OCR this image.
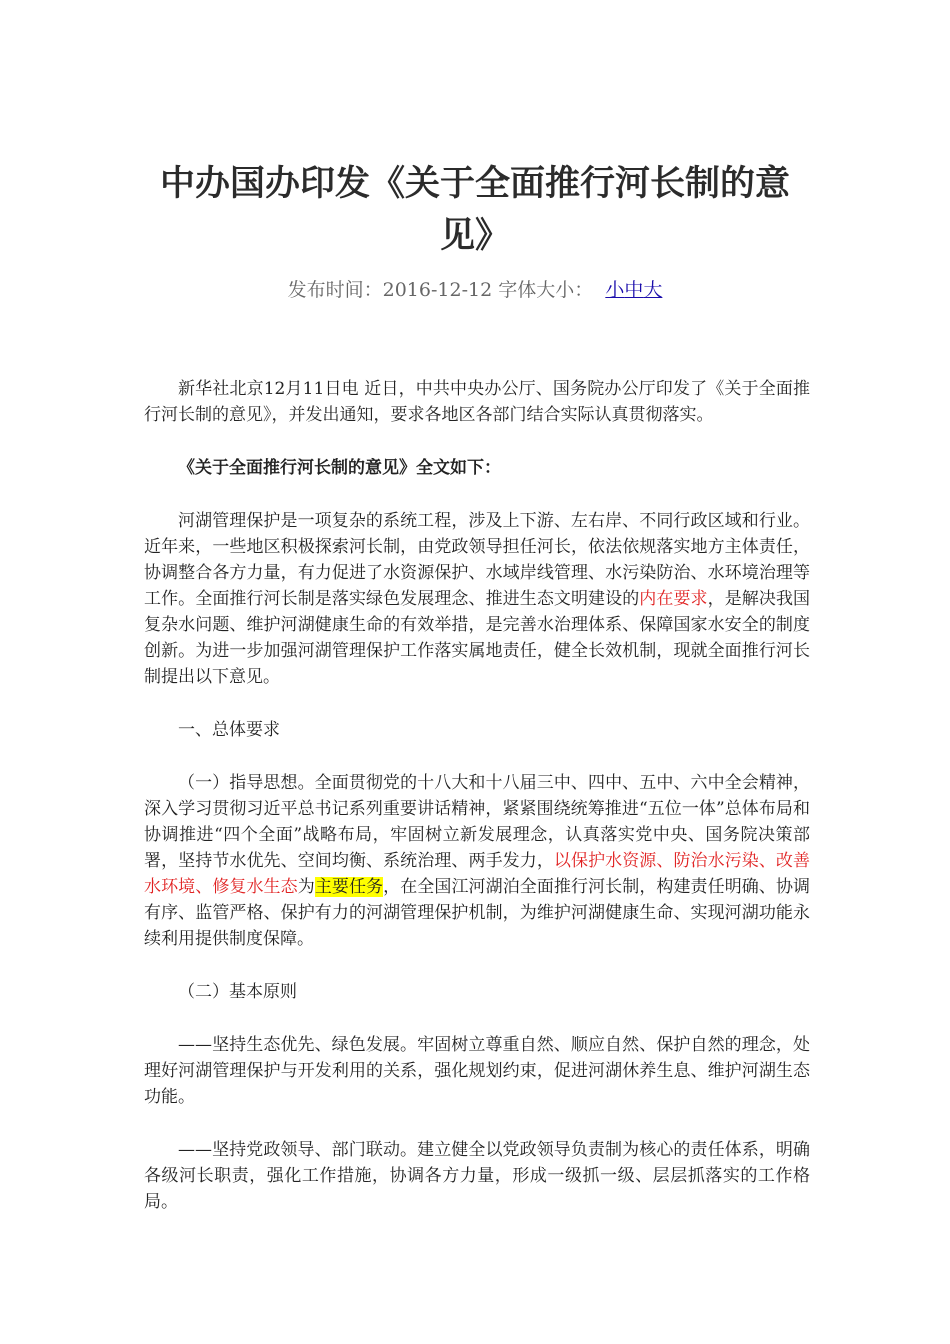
中办国办印发《关于全面推行河长制的意见》
发布时间：2016-12-12 字体大小： 小中大

新华社北京12月11日电 近日，中共中央办公厅、国务院办公厅印发了《关于全面推行河长制的意见》，并发出通知，要求各地区各部门结合实际认真贯彻落实。

《关于全面推行河长制的意见》全文如下：

河湖管理保护是一项复杂的系统工程，涉及上下游、左右岸、不同行政区域和行业。近年来，一些地区积极探索河长制，由党政领导担任河长，依法依规落实地方主体责任，协调整合各方力量，有力促进了水资源保护、水域岸线管理、水污染防治、水环境治理等工作。全面推行河长制是落实绿色发展理念、推进生态文明建设的内在要求，是解决我国复杂水问题、维护河湖健康生命的有效举措，是完善水治理体系、保障国家水安全的制度创新。为进一步加强河湖管理保护工作落实属地责任，健全长效机制，现就全面推行河长制提出以下意见。

一、总体要求

（一）指导思想。全面贯彻党的十八大和十八届三中、四中、五中、六中全会精神，深入学习贯彻习近平总书记系列重要讲话精神，紧紧围绕统筹推进“五位一体”总体布局和协调推进“四个全面”战略布局，牢固树立新发展理念，认真落实党中央、国务院决策部署，坚持节水优先、空间均衡、系统治理、两手发力，以保护水资源、防治水污染、改善水环境、修复水生态为主要任务，在全国江河湖泊全面推行河长制，构建责任明确、协调有序、监管严格、保护有力的河湖管理保护机制，为维护河湖健康生命、实现河湖功能永续利用提供制度保障。

（二）基本原则

——坚持生态优先、绿色发展。牢固树立尊重自然、顺应自然、保护自然的理念，处理好河湖管理保护与开发利用的关系，强化规划约束，促进河湖休养生息、维护河湖生态功能。

——坚持党政领导、部门联动。建立健全以党政领导负责制为核心的责任体系，明确各级河长职责，强化工作措施，协调各方力量，形成一级抓一级、层层抓落实的工作格局。
